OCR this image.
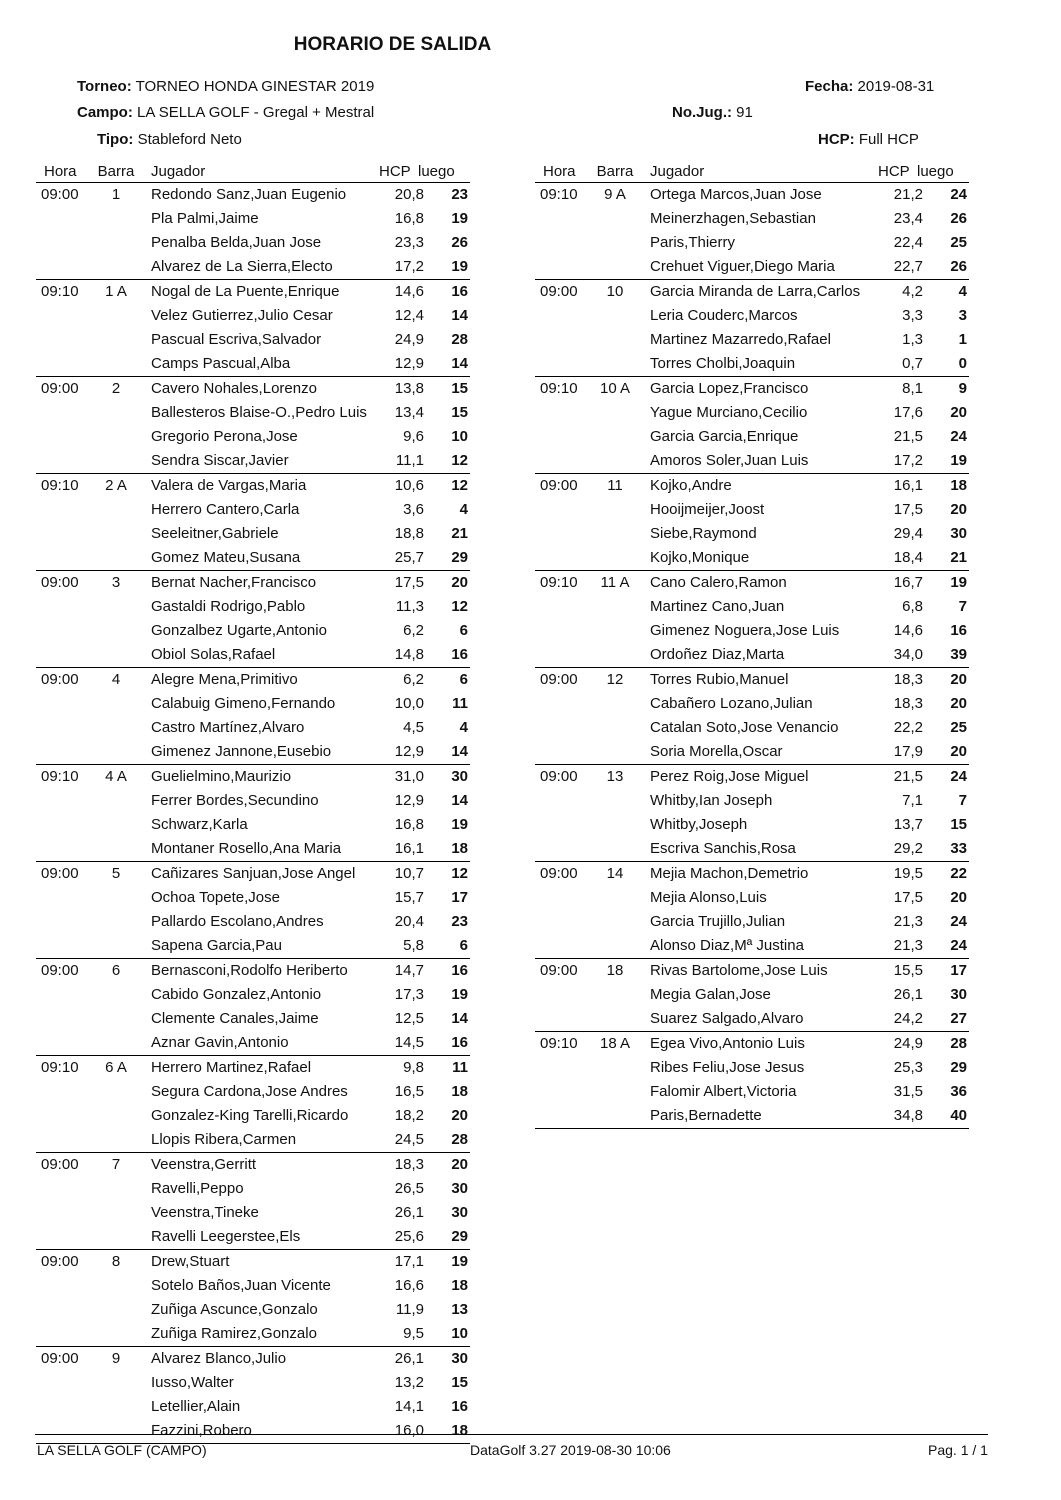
HORARIO DE SALIDA
Torneo: TORNEO HONDA GINESTAR 2019
Campo: LA SELLA GOLF - Gregal + Mestral
Tipo: Stableford Neto
Fecha: 2019-08-31
No.Jug.: 91
HCP: Full HCP
Hora	Barra	Jugador	HCP luego
09:00	1	Redondo Sanz,Juan Eugenio	20,8	23
Pla Palmi,Jaime	16,8	19
Penalba Belda,Juan Jose	23,3	26
Alvarez de La Sierra,Electo	17,2	19
09:10	1 A	Nogal de La Puente,Enrique	14,6	16
Velez Gutierrez,Julio Cesar	12,4	14
Pascual Escriva,Salvador	24,9	28
Camps Pascual,Alba	12,9	14
09:00	2	Cavero Nohales,Lorenzo	13,8	15
Ballesteros Blaise-O.,Pedro Luis	13,4	15
Gregorio Perona,Jose	9,6	10
Sendra Siscar,Javier	11,1	12
09:10	2 A	Valera de Vargas,Maria	10,6	12
Herrero Cantero,Carla	3,6	4
Seeleitner,Gabriele	18,8	21
Gomez Mateu,Susana	25,7	29
09:00	3	Bernat Nacher,Francisco	17,5	20
Gastaldi Rodrigo,Pablo	11,3	12
Gonzalbez Ugarte,Antonio	6,2	6
Obiol Solas,Rafael	14,8	16
09:00	4	Alegre Mena,Primitivo	6,2	6
Calabuig Gimeno,Fernando	10,0	11
Castro Martínez,Alvaro	4,5	4
Gimenez Jannone,Eusebio	12,9	14
09:10	4 A	Guelielmino,Maurizio	31,0	30
Ferrer Bordes,Secundino	12,9	14
Schwarz,Karla	16,8	19
Montaner Rosello,Ana Maria	16,1	18
09:00	5	Cañizares Sanjuan,Jose Angel	10,7	12
Ochoa Topete,Jose	15,7	17
Pallardo Escolano,Andres	20,4	23
Sapena Garcia,Pau	5,8	6
09:00	6	Bernasconi,Rodolfo Heriberto	14,7	16
Cabido Gonzalez,Antonio	17,3	19
Clemente Canales,Jaime	12,5	14
Aznar Gavin,Antonio	14,5	16
09:10	6 A	Herrero Martinez,Rafael	9,8	11
Segura Cardona,Jose Andres	16,5	18
Gonzalez-King Tarelli,Ricardo	18,2	20
Llopis Ribera,Carmen	24,5	28
09:00	7	Veenstra,Gerritt	18,3	20
Ravelli,Peppo	26,5	30
Veenstra,Tineke	26,1	30
Ravelli Leegerstee,Els	25,6	29
09:00	8	Drew,Stuart	17,1	19
Sotelo Baños,Juan Vicente	16,6	18
Zuñiga Ascunce,Gonzalo	11,9	13
Zuñiga Ramirez,Gonzalo	9,5	10
09:00	9	Alvarez Blanco,Julio	26,1	30
Iusso,Walter	13,2	15
Letellier,Alain	14,1	16
Fazzini,Robero	16,0	18
Hora	Barra	Jugador	HCP luego
09:10	9 A	Ortega Marcos,Juan Jose	21,2	24
Meinerzhagen,Sebastian	23,4	26
Paris,Thierry	22,4	25
Crehuet Viguer,Diego Maria	22,7	26
09:00	10	Garcia Miranda de Larra,Carlos	4,2	4
Leria Couderc,Marcos	3,3	3
Martinez Mazarredo,Rafael	1,3	1
Torres Cholbi,Joaquin	0,7	0
09:10	10 A	Garcia Lopez,Francisco	8,1	9
Yague Murciano,Cecilio	17,6	20
Garcia Garcia,Enrique	21,5	24
Amoros Soler,Juan Luis	17,2	19
09:00	11	Kojko,Andre	16,1	18
Hooijmeijer,Joost	17,5	20
Siebe,Raymond	29,4	30
Kojko,Monique	18,4	21
09:10	11 A	Cano Calero,Ramon	16,7	19
Martinez Cano,Juan	6,8	7
Gimenez Noguera,Jose Luis	14,6	16
Ordoñez Diaz,Marta	34,0	39
09:00	12	Torres Rubio,Manuel	18,3	20
Cabañero Lozano,Julian	18,3	20
Catalan Soto,Jose Venancio	22,2	25
Soria Morella,Oscar	17,9	20
09:00	13	Perez Roig,Jose Miguel	21,5	24
Whitby,Ian Joseph	7,1	7
Whitby,Joseph	13,7	15
Escriva Sanchis,Rosa	29,2	33
09:00	14	Mejia Machon,Demetrio	19,5	22
Mejia Alonso,Luis	17,5	20
Garcia Trujillo,Julian	21,3	24
Alonso Diaz,Mª Justina	21,3	24
09:00	18	Rivas Bartolome,Jose Luis	15,5	17
Megia Galan,Jose	26,1	30
Suarez Salgado,Alvaro	24,2	27
09:10	18 A	Egea Vivo,Antonio Luis	24,9	28
Ribes Feliu,Jose Jesus	25,3	29
Falomir Albert,Victoria	31,5	36
Paris,Bernadette	34,8	40
LA SELLA GOLF (CAMPO)	DataGolf 3.27 2019-08-30 10:06	Pag. 1 / 1
